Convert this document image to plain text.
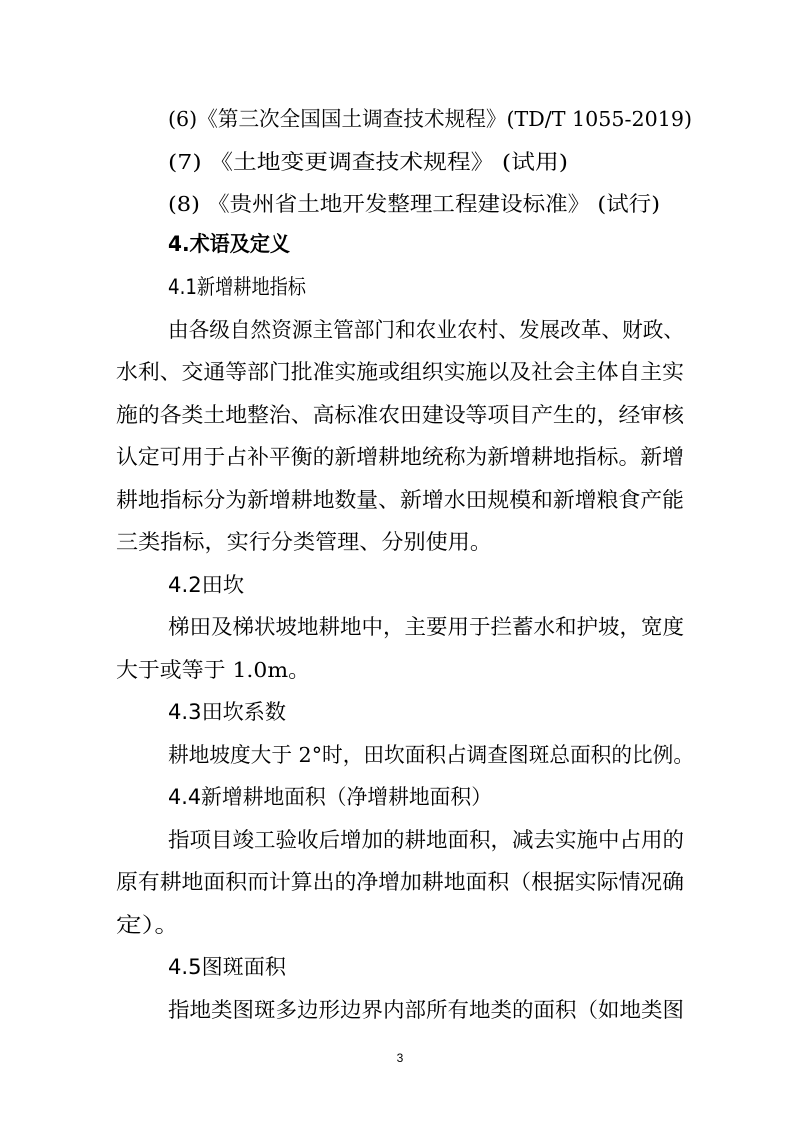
(6)《第三次全国国土调查技术规程》(TD/T 1055-2019)
(7) 《土地变更调查技术规程》 (试用)
(8) 《贵州省土地开发整理工程建设标准》 (试行)
4.术语及定义
4.1新增耕地指标
由各级自然资源主管部门和农业农村、发展改革、财政、
水利、交通等部门批准实施或组织实施以及社会主体自主实
施的各类土地整治、高标准农田建设等项目产生的，经审核
认定可用于占补平衡的新增耕地统称为新增耕地指标。新增
耕地指标分为新增耕地数量、新增水田规模和新增粮食产能
三类指标，实行分类管理、分别使用。
4.2田坎
梯田及梯状坡地耕地中，主要用于拦蓄水和护坡，宽度
大于或等于 1.0m。
4.3田坎系数
耕地坡度大于 2°时，田坎面积占调查图斑总面积的比例。
4.4新增耕地面积（净增耕地面积）
指项目竣工验收后增加的耕地面积，减去实施中占用的
原有耕地面积而计算出的净增加耕地面积（根据实际情况确
定）。
4.5图斑面积
指地类图斑多边形边界内部所有地类的面积（如地类图
3
